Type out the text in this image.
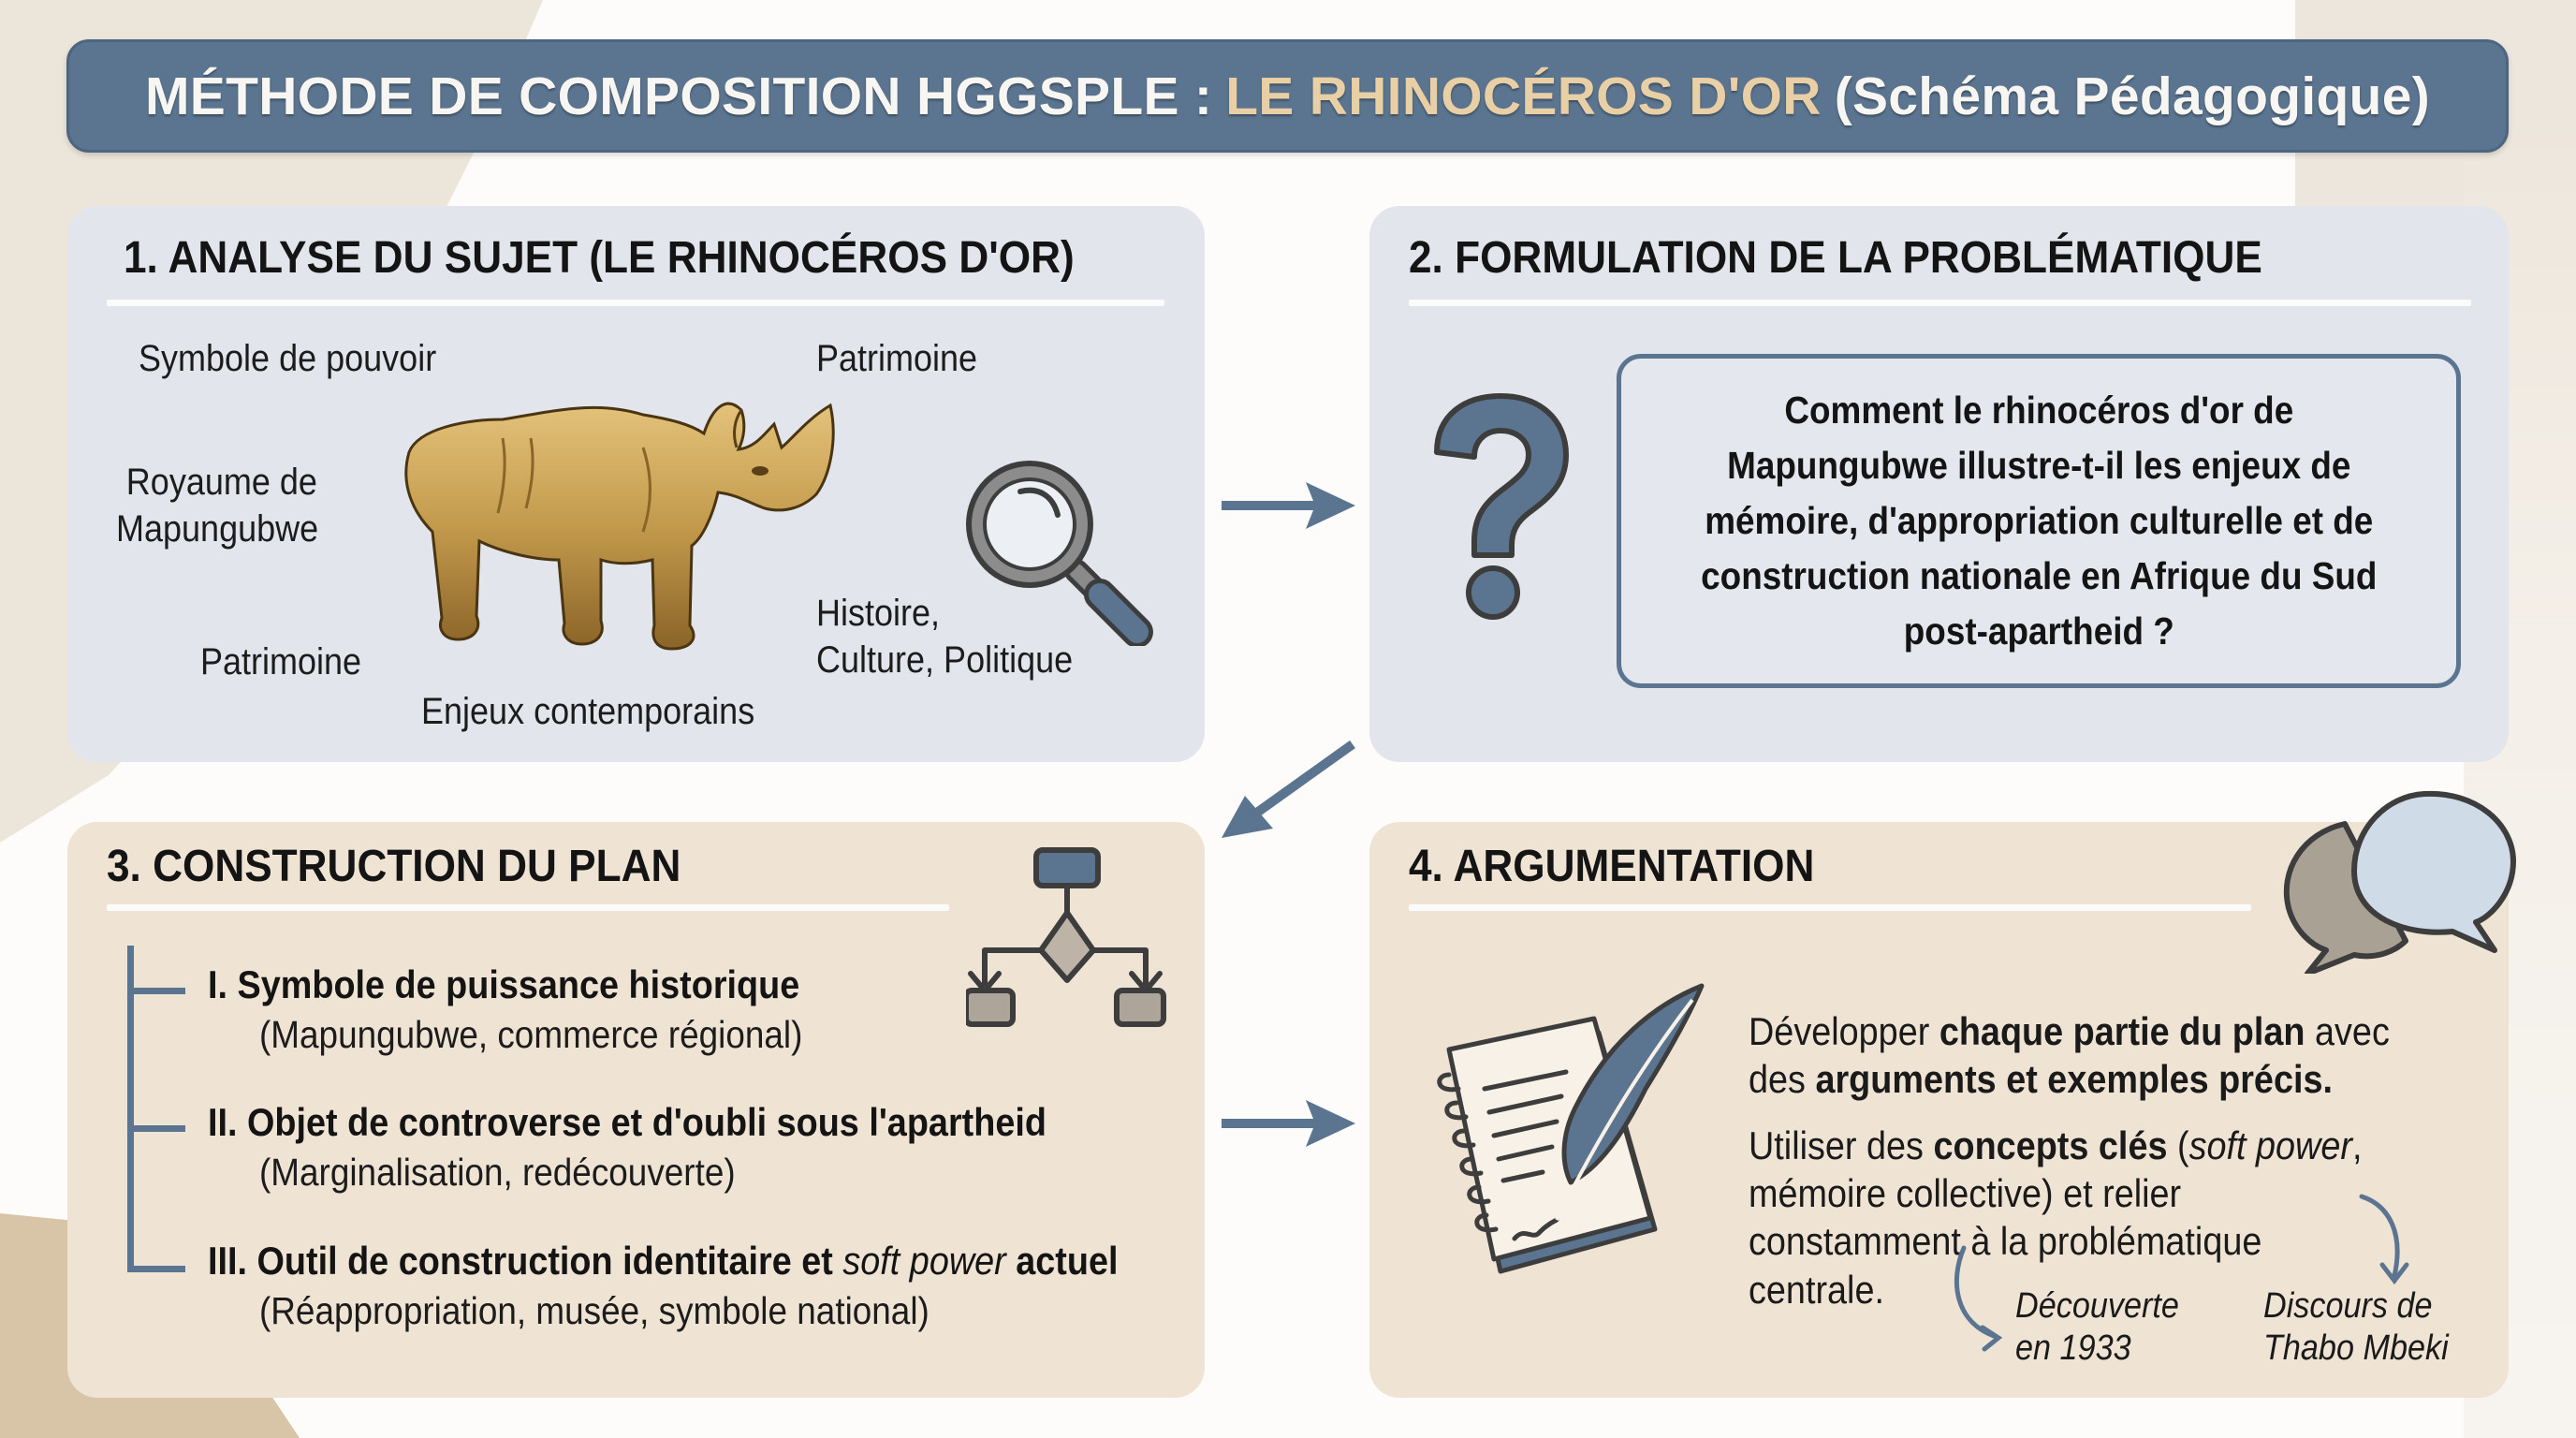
MÉTHODE DE COMPOSITION HGGSPLE : LE RHINOCÉROS D'OR (Schéma Pédagogique)
1. ANALYSE DU SUJET (LE RHINOCÉROS D'OR)
Symbole de pouvoir	Patrimoine
Royaume de
Mapungubwe
Patrimoine
Enjeux contemporains
Histoire,
Culture, Politique
2. FORMULATION DE LA PROBLÉMATIQUE
Comment le rhinocéros d'or de
Mapungubwe illustre-t-il les enjeux de
mémoire, d'appropriation culturelle et de
construction nationale en Afrique du Sud
post-apartheid ?
3. CONSTRUCTION DU PLAN
I. Symbole de puissance historique
(Mapungubwe, commerce régional)
II. Objet de controverse et d'oubli sous l'apartheid
(Marginalisation, redécouverte)
III. Outil de construction identitaire et soft power actuel
(Réappropriation, musée, symbole national)
4. ARGUMENTATION
Développer chaque partie du plan avec
des arguments et exemples précis.
Utiliser des concepts clés (soft power,
mémoire collective) et relier
constamment à la problématique
centrale.	Découverte
en 1933
Discours de
Thabo Mbeki
